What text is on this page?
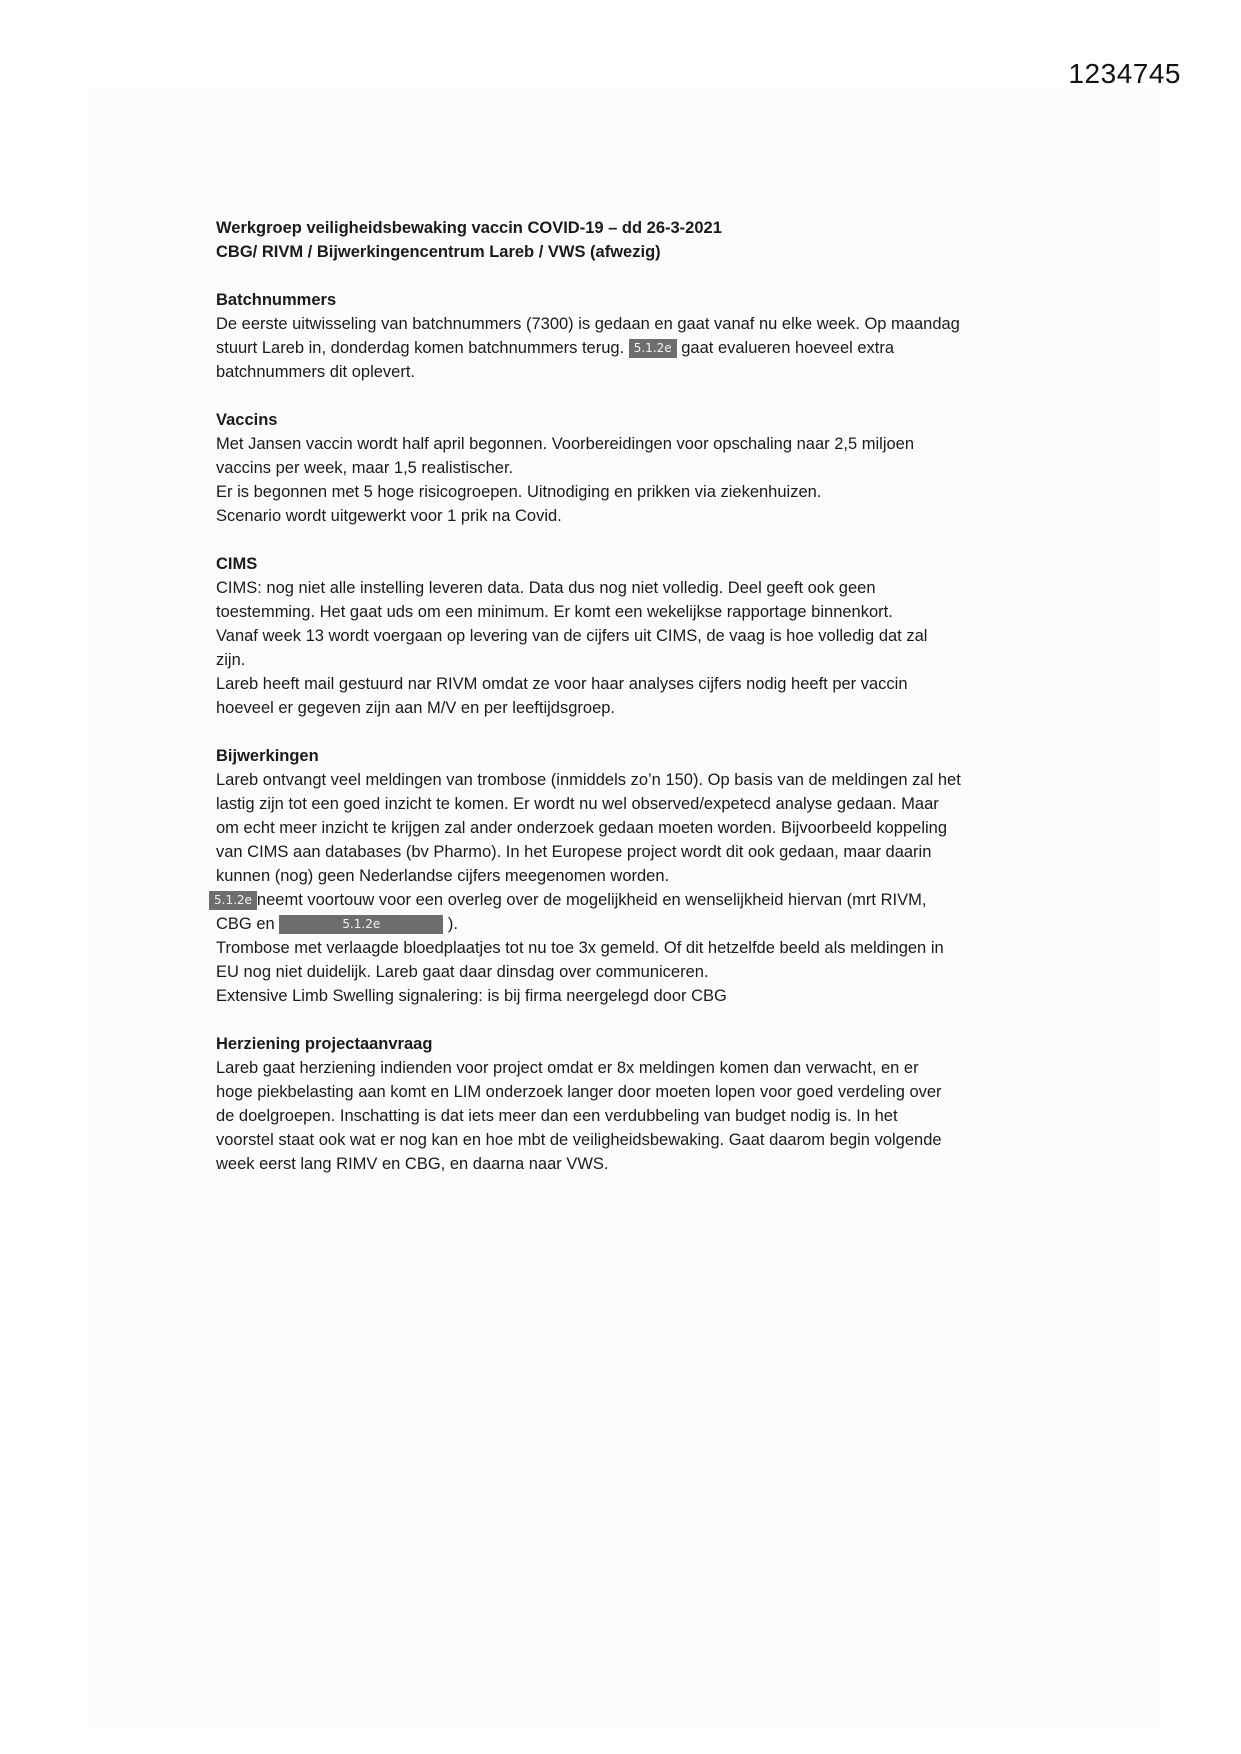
1234745
Werkgroep veiligheidsbewaking vaccin COVID-19 – dd 26-3-2021
CBG/ RIVM / Bijwerkingencentrum Lareb / VWS (afwezig)
Batchnummers
De eerste uitwisseling van batchnummers (7300) is gedaan en gaat vanaf nu elke week. Op maandag
stuurt Lareb in, donderdag komen batchnummers terug. 5.1.2e gaat evalueren hoeveel extra
batchnummers dit oplevert.
Vaccins
Met Jansen vaccin wordt half april begonnen. Voorbereidingen voor opschaling naar 2,5 miljoen
vaccins per week, maar 1,5 realistischer.
Er is begonnen met 5 hoge risicogroepen. Uitnodiging en prikken via ziekenhuizen.
Scenario wordt uitgewerkt voor 1 prik na Covid.
CIMS
CIMS: nog niet alle instelling leveren data. Data dus nog niet volledig. Deel geeft ook geen
toestemming. Het gaat uds om een minimum. Er komt een wekelijkse rapportage binnenkort.
Vanaf week 13 wordt voergaan op levering van de cijfers uit CIMS, de vaag is hoe volledig dat zal
zijn.
Lareb heeft mail gestuurd nar RIVM omdat ze voor haar analyses cijfers nodig heeft per vaccin
hoeveel er gegeven zijn aan M/V en per leeftijdsgroep.
Bijwerkingen
Lareb ontvangt veel meldingen van trombose (inmiddels zo’n 150). Op basis van de meldingen zal het
lastig zijn tot een goed inzicht te komen. Er wordt nu wel observed/expetecd analyse gedaan. Maar
om echt meer inzicht te krijgen zal ander onderzoek gedaan moeten worden. Bijvoorbeeld koppeling
van CIMS aan databases (bv Pharmo). In het Europese project wordt dit ook gedaan, maar daarin
kunnen (nog) geen Nederlandse cijfers meegenomen worden.
5.1.2e neemt voortouw voor een overleg over de mogelijkheid en wenselijkheid hiervan (mrt RIVM,
CBG en	5.1.2e	).
Trombose met verlaagde bloedplaatjes tot nu toe 3x gemeld. Of dit hetzelfde beeld als meldingen in
EU nog niet duidelijk. Lareb gaat daar dinsdag over communiceren.
Extensive Limb Swelling signalering: is bij firma neergelegd door CBG
Herziening projectaanvraag
Lareb gaat herziening indienden voor project omdat er 8x meldingen komen dan verwacht, en er
hoge piekbelasting aan komt en LIM onderzoek langer door moeten lopen voor goed verdeling over
de doelgroepen. Inschatting is dat iets meer dan een verdubbeling van budget nodig is. In het
voorstel staat ook wat er nog kan en hoe mbt de veiligheidsbewaking. Gaat daarom begin volgende
week eerst lang RIMV en CBG, en daarna naar VWS.
